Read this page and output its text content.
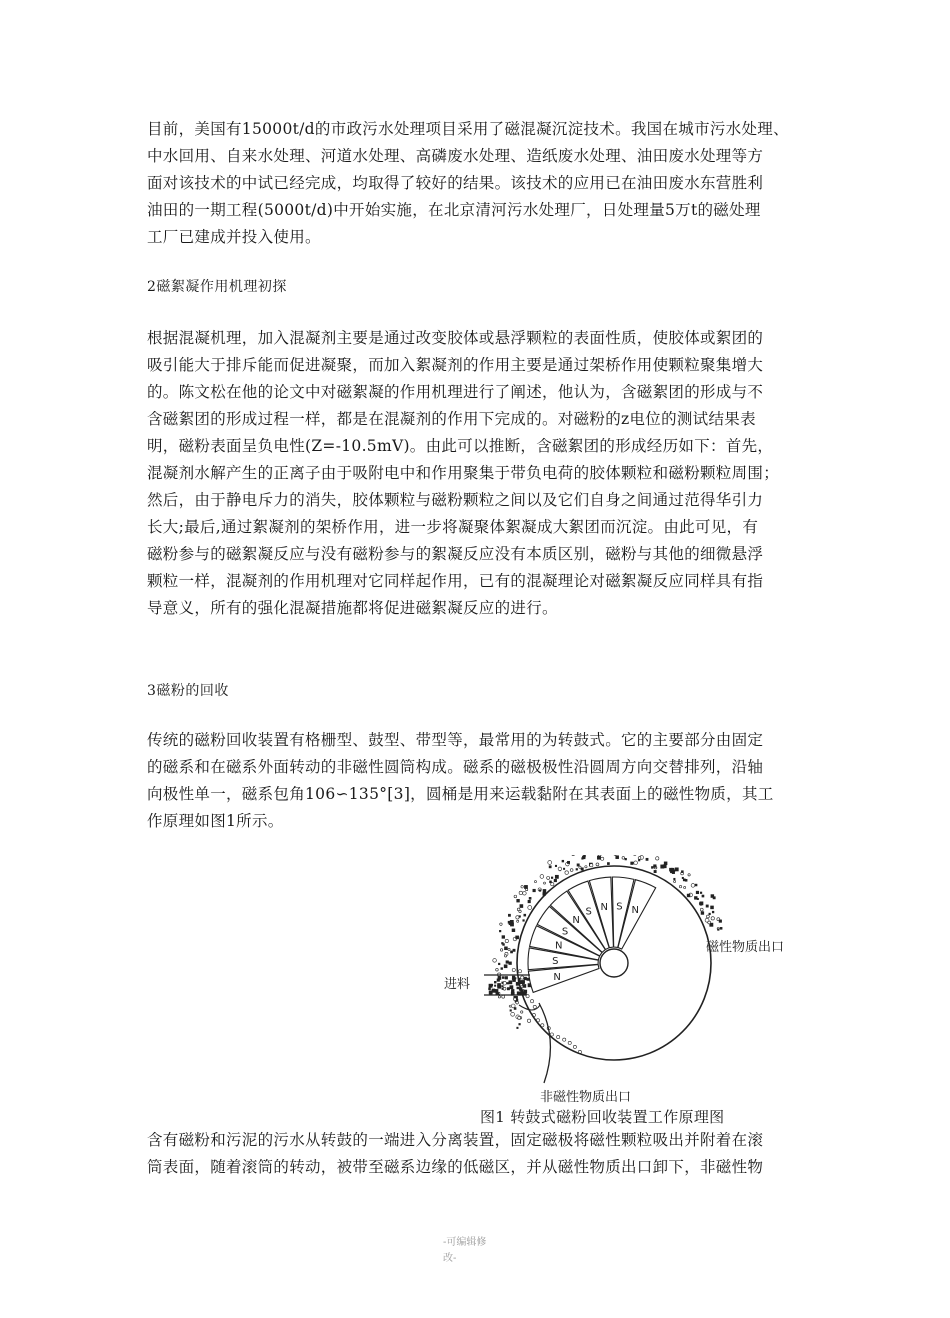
目前，美国有15000t/d的市政污水处理项目采用了磁混凝沉淀技术。我国在城市污水处理、
中水回用、自来水处理、河道水处理、高磷废水处理、造纸废水处理、油田废水处理等方
面对该技术的中试已经完成，均取得了较好的结果。该技术的应用已在油田废水东营胜利
油田的一期工程(5000t/d)中开始实施，在北京清河污水处理厂，日处理量5万t的磁处理
工厂已建成并投入使用。

2磁絮凝作用机理初探

根据混凝机理，加入混凝剂主要是通过改变胶体或悬浮颗粒的表面性质，使胶体或絮团的
吸引能大于排斥能而促进凝聚，而加入絮凝剂的作用主要是通过架桥作用使颗粒聚集增大
的。陈文松在他的论文中对磁絮凝的作用机理进行了阐述，他认为，含磁絮团的形成与不
含磁絮团的形成过程一样，都是在混凝剂的作用下完成的。对磁粉的z电位的测试结果表
明，磁粉表面呈负电性(Z=-10.5mV)。由此可以推断，含磁絮团的形成经历如下：首先，
混凝剂水解产生的正离子由于吸附电中和作用聚集于带负电荷的胶体颗粒和磁粉颗粒周围；
然后，由于静电斥力的消失，胶体颗粒与磁粉颗粒之间以及它们自身之间通过范得华引力
长大;最后,通过絮凝剂的架桥作用，进一步将凝聚体絮凝成大絮团而沉淀。由此可见，有
磁粉参与的磁絮凝反应与没有磁粉参与的絮凝反应没有本质区别，磁粉与其他的细微悬浮
颗粒一样，混凝剂的作用机理对它同样起作用，已有的混凝理论对磁絮凝反应同样具有指
导意义，所有的强化混凝措施都将促进磁絮凝反应的进行。

3磁粉的回收

传统的磁粉回收装置有格栅型、鼓型、带型等，最常用的为转鼓式。它的主要部分由固定
的磁系和在磁系外面转动的非磁性圆筒构成。磁系的磁极极性沿圆周方向交替排列，沿轴
向极性单一，磁系包角106∽135°[3]，圆桶是用来运载黏附在其表面上的磁性物质，其工
作原理如图1所示。
N
S
N
S
N
S
N
S
N
进料
磁性物质出口
非磁性物质出口

图1 转鼓式磁粉回收装置工作原理图

含有磁粉和污泥的污水从转鼓的一端进入分离装置，固定磁极将磁性颗粒吸出并附着在滚
筒表面，随着滚筒的转动，被带至磁系边缘的低磁区，并从磁性物质出口卸下，非磁性物
-可编辑修
改-
